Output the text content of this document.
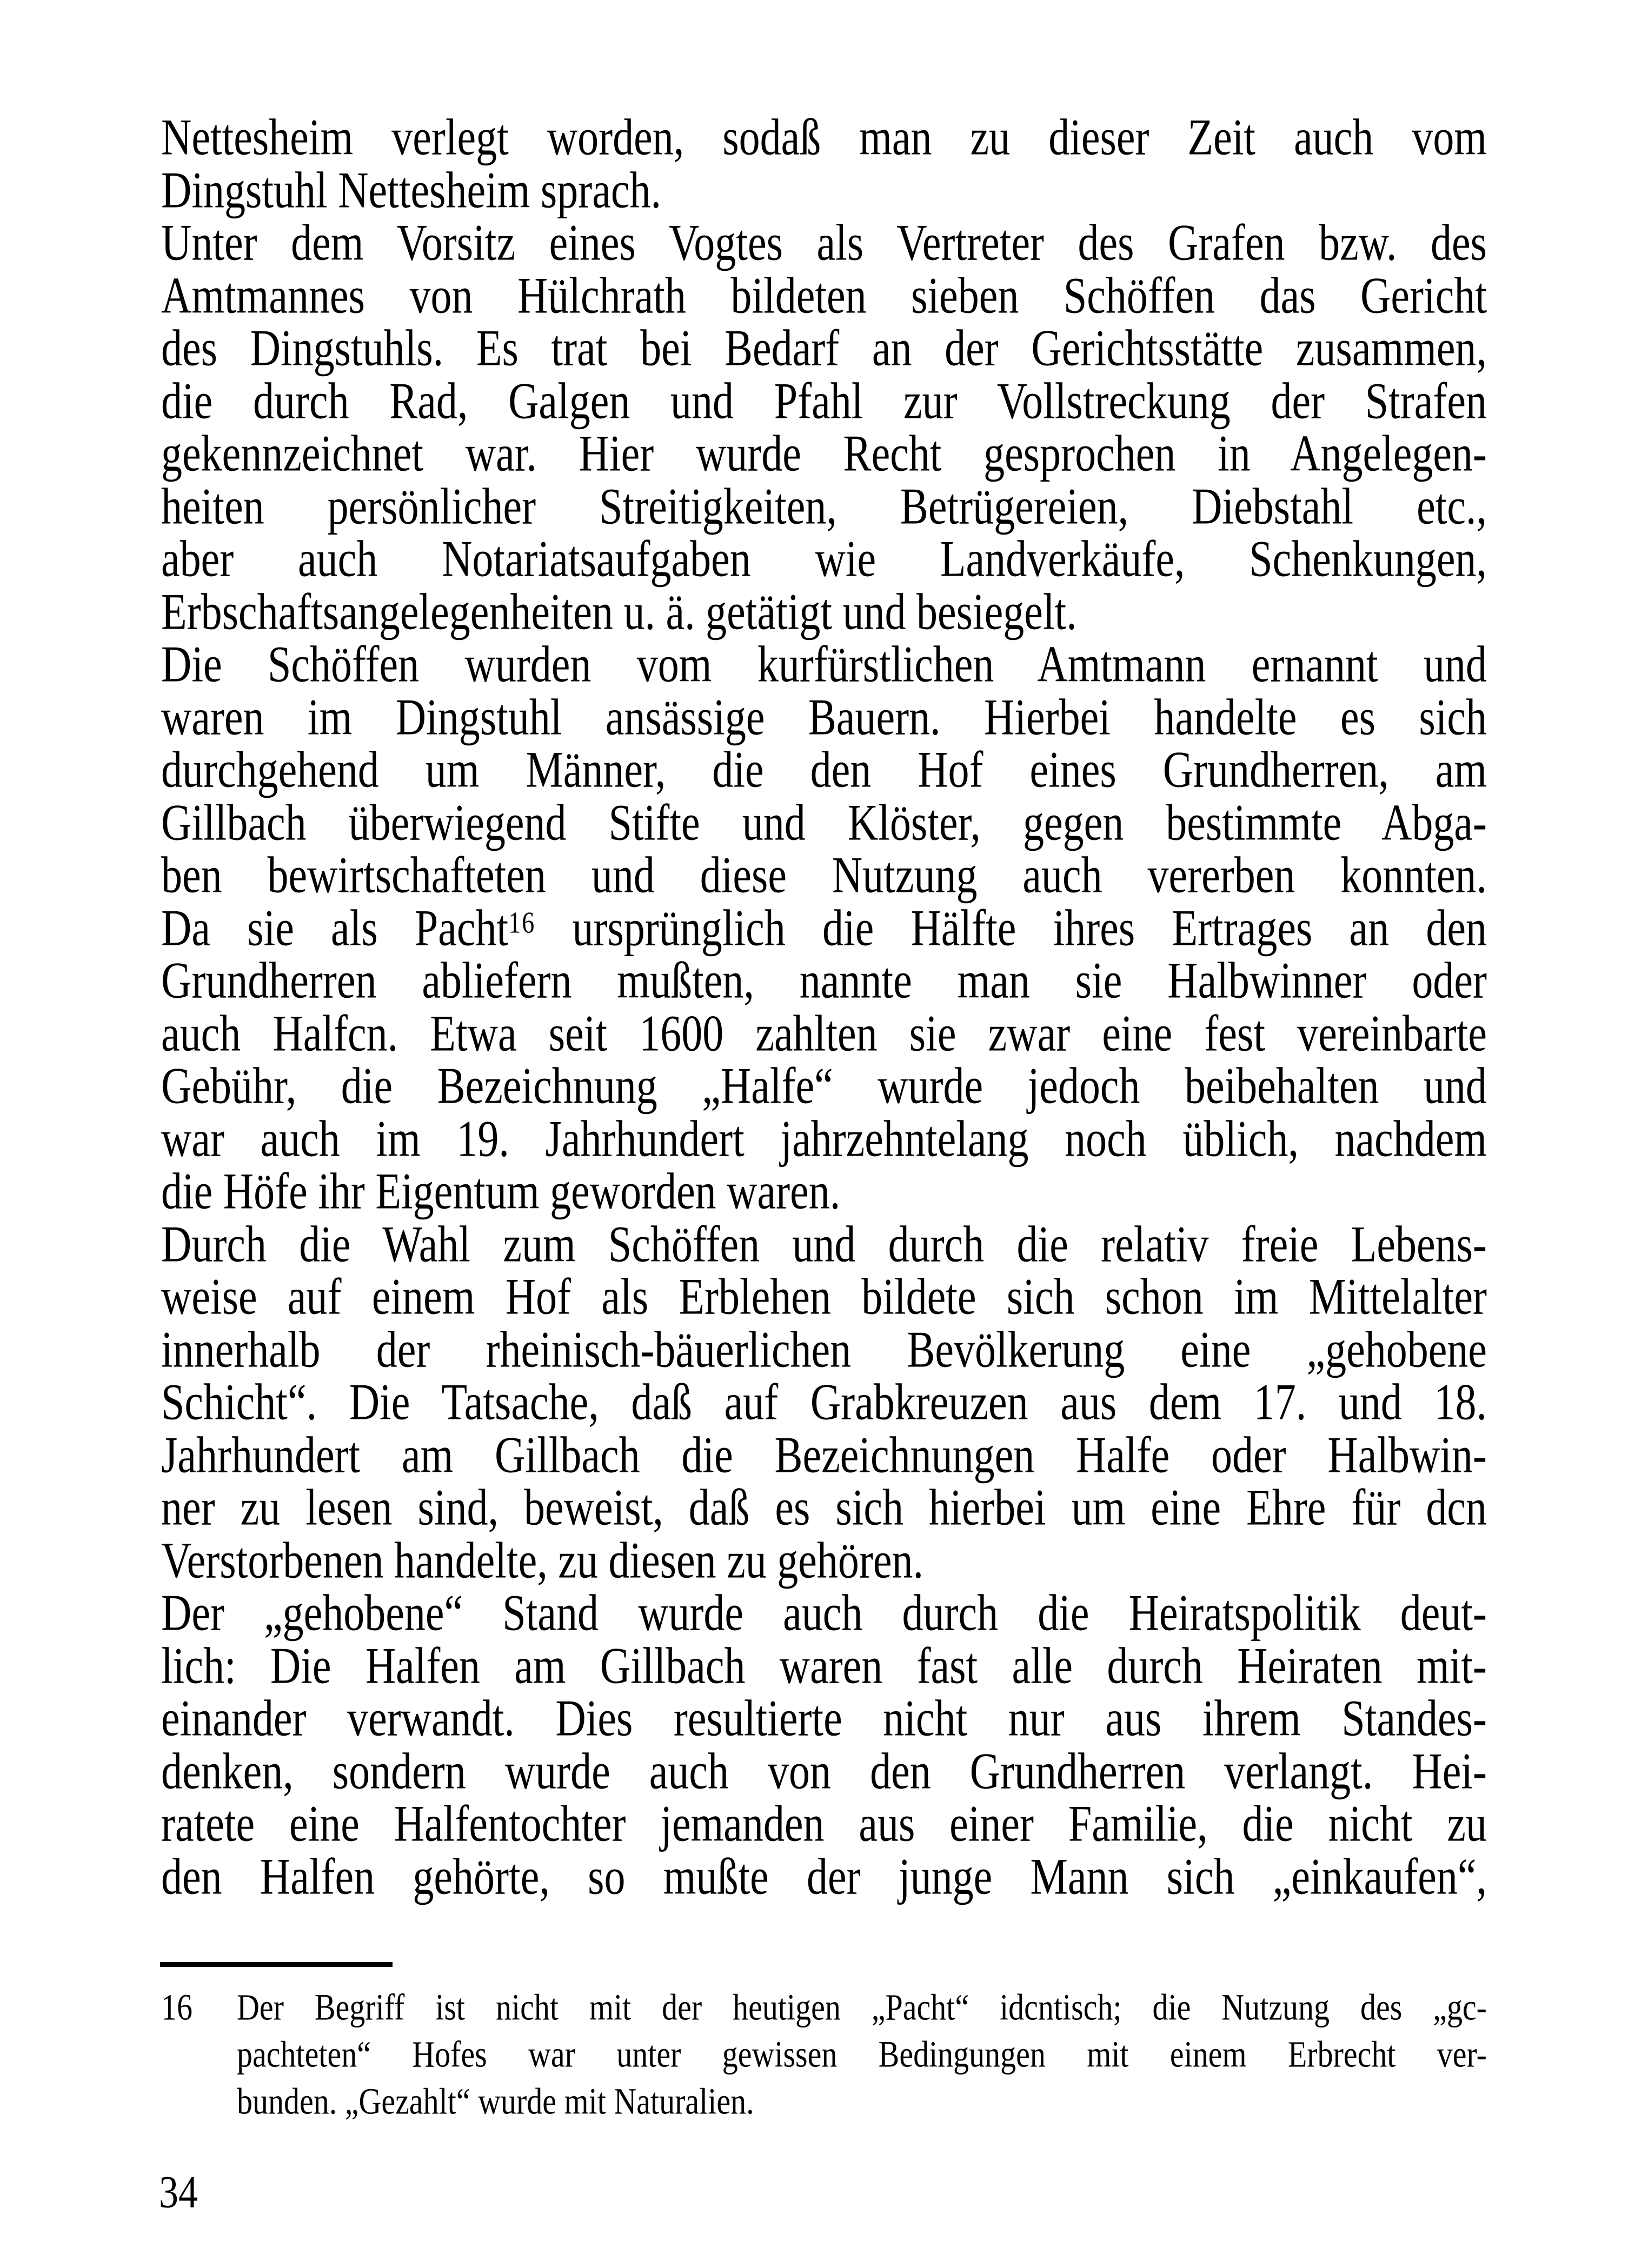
Nettesheim verlegt worden, sodaß man zu dieser Zeit auch vom
Dingstuhl Nettesheim sprach.
Unter dem Vorsitz eines Vogtes als Vertreter des Grafen bzw. des
Amtmannes von Hülchrath bildeten sieben Schöffen das Gericht
des Dingstuhls. Es trat bei Bedarf an der Gerichtsstätte zusammen,
die durch Rad, Galgen und Pfahl zur Vollstreckung der Strafen
gekennzeichnet war. Hier wurde Recht gesprochen in Angelegen-
heiten persönlicher Streitigkeiten, Betrügereien, Diebstahl etc.,
aber auch Notariatsaufgaben wie Landverkäufe, Schenkungen,
Erbschaftsangelegenheiten u. ä. getätigt und besiegelt.
Die Schöffen wurden vom kurfürstlichen Amtmann ernannt und
waren im Dingstuhl ansässige Bauern. Hierbei handelte es sich
durchgehend um Männer, die den Hof eines Grundherren, am
Gillbach überwiegend Stifte und Klöster, gegen bestimmte Abga-
ben bewirtschafteten und diese Nutzung auch vererben konnten.
Da sie als Pacht$^{16}$ ursprünglich die Hälfte ihres Ertrages an den
Grundherren abliefern mußten, nannte man sie Halbwinner oder
auch Halfcn. Etwa seit 1600 zahlten sie zwar eine fest vereinbarte
Gebühr, die Bezeichnung „Halfe“ wurde jedoch beibehalten und
war auch im 19. Jahrhundert jahrzehntelang noch üblich, nachdem
die Höfe ihr Eigentum geworden waren.
Durch die Wahl zum Schöffen und durch die relativ freie Lebens-
weise auf einem Hof als Erblehen bildete sich schon im Mittelalter
innerhalb der rheinisch-bäuerlichen Bevölkerung eine „gehobene
Schicht“. Die Tatsache, daß auf Grabkreuzen aus dem 17. und 18.
Jahrhundert am Gillbach die Bezeichnungen Halfe oder Halbwin-
ner zu lesen sind, beweist, daß es sich hierbei um eine Ehre für dcn
Verstorbenen handelte, zu diesen zu gehören.
Der „gehobene“ Stand wurde auch durch die Heiratspolitik deut-
lich: Die Halfen am Gillbach waren fast alle durch Heiraten mit-
einander verwandt. Dies resultierte nicht nur aus ihrem Standes-
denken, sondern wurde auch von den Grundherren verlangt. Hei-
ratete eine Halfentochter jemanden aus einer Familie, die nicht zu
den Halfen gehörte, so mußte der junge Mann sich „einkaufen“,
16 Der Begriff ist nicht mit der heutigen „Pacht“ idcntisch; die Nutzung des „gc-
pachteten“ Hofes war unter gewissen Bedingungen mit einem Erbrecht ver-
bunden. „Gezahlt“ wurde mit Naturalien.
34
